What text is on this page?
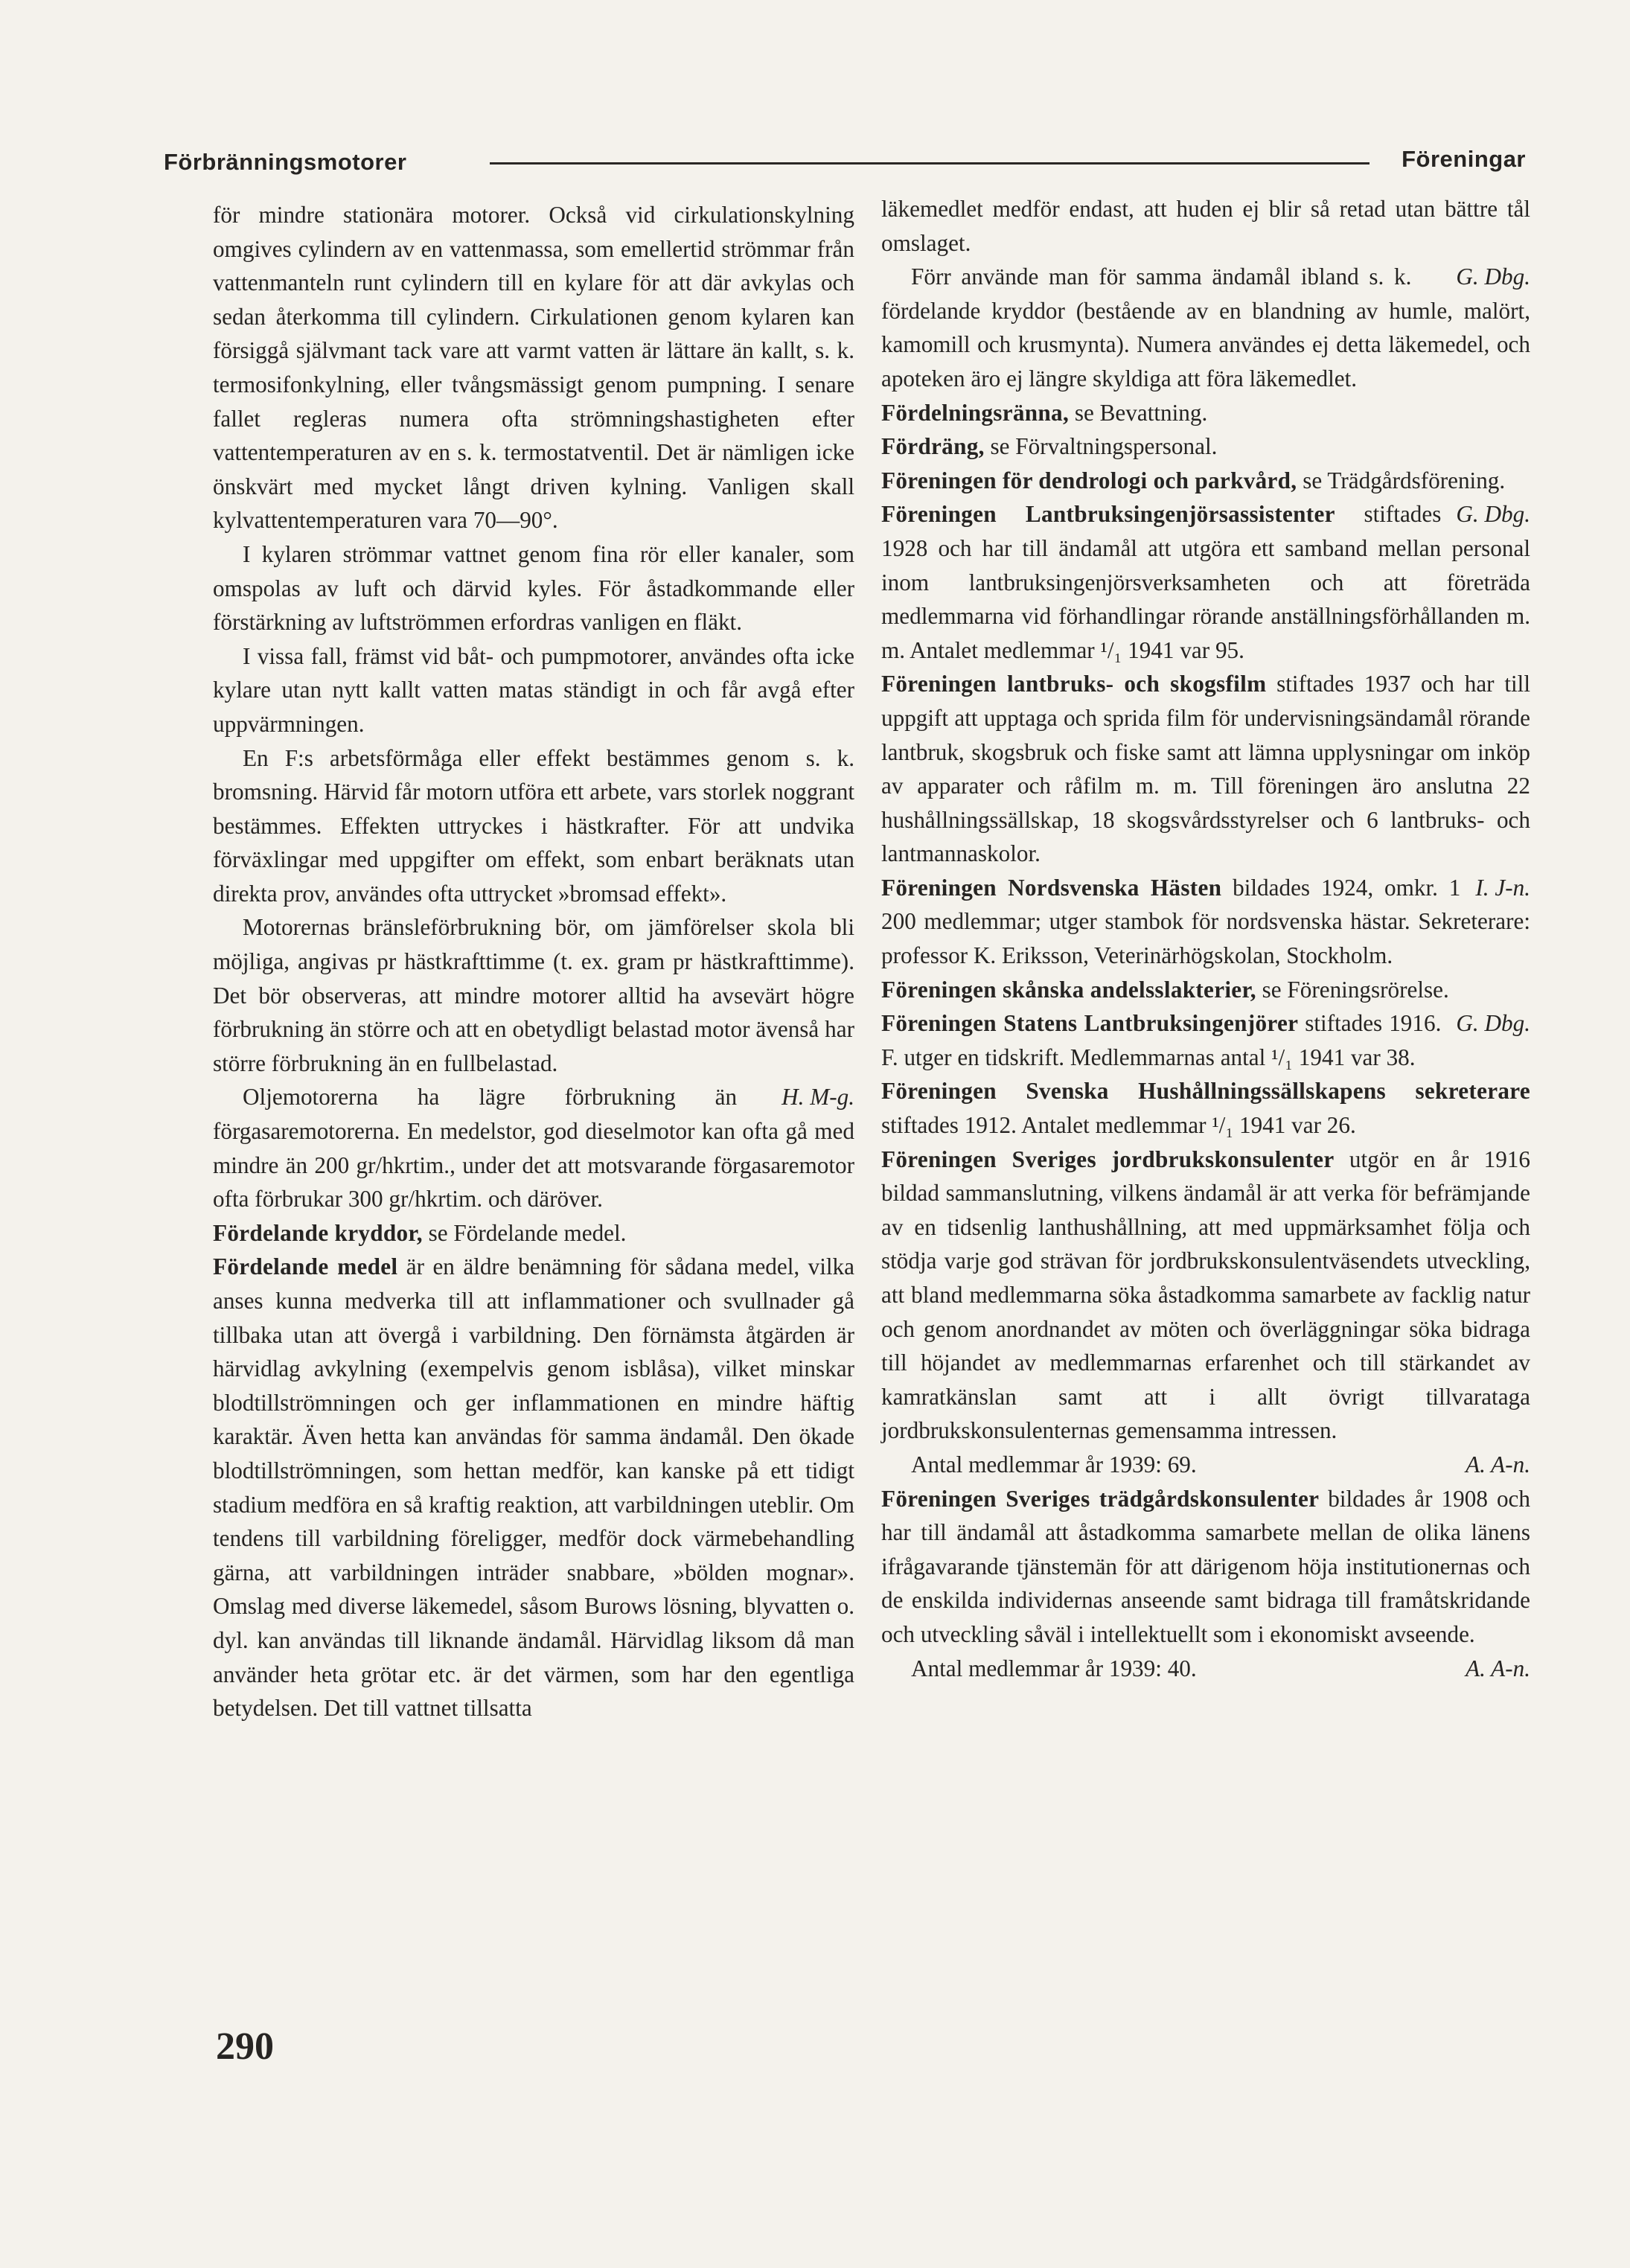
Förbränningsmotorer	Föreningar

för mindre stationära motorer. Också vid cirkulationskylning omgives cylindern av en vattenmassa, som emellertid strömmar från vattenmanteln runt cylindern till en kylare för att där avkylas och sedan återkomma till cylindern. Cirkulationen genom kylaren kan försiggå självmant tack vare att varmt vatten är lättare än kallt, s. k. termosifonkylning, eller tvångsmässigt genom pumpning. I senare fallet regleras numera ofta strömningshastigheten efter vattentemperaturen av en s. k. termostatventil. Det är nämligen icke önskvärt med mycket långt driven kylning. Vanligen skall kylvattentemperaturen vara 70—90°.

I kylaren strömmar vattnet genom fina rör eller kanaler, som omspolas av luft och därvid kyles. För åstadkommande eller förstärkning av luftströmmen erfordras vanligen en fläkt.

I vissa fall, främst vid båt- och pumpmotorer, användes ofta icke kylare utan nytt kallt vatten matas ständigt in och får avgå efter uppvärmningen.

En F:s arbetsförmåga eller effekt bestämmes genom s. k. bromsning. Härvid får motorn utföra ett arbete, vars storlek noggrant bestämmes. Effekten uttryckes i hästkrafter. För att undvika förväxlingar med uppgifter om effekt, som enbart beräknats utan direkta prov, användes ofta uttrycket »bromsad effekt».

Motorernas bränsleförbrukning bör, om jämförelser skola bli möjliga, angivas pr hästkrafttimme (t. ex. gram pr hästkrafttimme). Det bör observeras, att mindre motorer alltid ha avsevärt högre förbrukning än större och att en obetydligt belastad motor ävenså har större förbrukning än en fullbelastad.

H. M-g.
Oljemotorerna ha lägre förbrukning än förgasaremotorerna. En medelstor, god dieselmotor kan ofta gå med mindre än 200 gr/hkrtim., under det att motsvarande förgasaremotor ofta förbrukar 300 gr/hkrtim. och däröver.

Fördelande kryddor, se Fördelande medel.

Fördelande medel är en äldre benämning för sådana medel, vilka anses kunna medverka till att inflammationer och svullnader gå tillbaka utan att övergå i varbildning. Den förnämsta åtgärden är härvidlag avkylning (exempelvis genom isblåsa), vilket minskar blodtillströmningen och ger inflammationen en mindre häftig karaktär. Även hetta kan användas för samma ändamål. Den ökade blodtillströmningen, som hettan medför, kan kanske på ett tidigt stadium medföra en så kraftig reaktion, att varbildningen uteblir. Om tendens till varbildning föreligger, medför dock värmebehandling gärna, att varbildningen inträder snabbare, »bölden mognar». Omslag med diverse läkemedel, såsom Burows lösning, blyvatten o. dyl. kan användas till liknande ändamål. Härvidlag liksom då man använder heta grötar etc. är det värmen, som har den egentliga betydelsen. Det till vattnet tillsatta

läkemedlet medför endast, att huden ej blir så retad utan bättre tål omslaget.

G. Dbg.
Förr använde man för samma ändamål ibland s. k. fördelande kryddor (bestående av en blandning av humle, malört, kamomill och krusmynta). Numera användes ej detta läkemedel, och apoteken äro ej längre skyldiga att föra läkemedlet.

Fördelningsränna, se Bevattning.

Fördräng, se Förvaltningspersonal.

Föreningen för dendrologi och parkvård, se Trädgårdsförening.

G. Dbg.
Föreningen Lantbruksingenjörsassistenter stiftades 1928 och har till ändamål att utgöra ett samband mellan personal inom lantbruksingenjörsverksamheten och att företräda medlemmarna vid förhandlingar rörande anställningsförhållanden m. m. Antalet medlemmar ¹/₁ 1941 var 95.

Föreningen lantbruks- och skogsfilm stiftades 1937 och har till uppgift att upptaga och sprida film för undervisningsändamål rörande lantbruk, skogsbruk och fiske samt att lämna upplysningar om inköp av apparater och råfilm m. m. Till föreningen äro anslutna 22 hushållningssällskap, 18 skogsvårdsstyrelser och 6 lantbruks- och lantmannaskolor.

I. J-n.
Föreningen Nordsvenska Hästen bildades 1924, omkr. 1 200 medlemmar; utger stambok för nordsvenska hästar. Sekreterare: professor K. Eriksson, Veterinärhögskolan, Stockholm.

Föreningen skånska andelsslakterier, se Föreningsrörelse.

G. Dbg.
Föreningen Statens Lantbruksingenjörer stiftades 1916. F. utger en tidskrift. Medlemmarnas antal ¹/₁ 1941 var 38.

Föreningen Svenska Hushållningssällskapens sekreterare stiftades 1912. Antalet medlemmar ¹/₁ 1941 var 26.

Föreningen Sveriges jordbrukskonsulenter utgör en år 1916 bildad sammanslutning, vilkens ändamål är att verka för befrämjande av en tidsenlig lanthushållning, att med uppmärksamhet följa och stödja varje god strävan för jordbrukskonsulentväsendets utveckling, att bland medlemmarna söka åstadkomma samarbete av facklig natur och genom anordnandet av möten och överläggningar söka bidraga till höjandet av medlemmarnas erfarenhet och till stärkandet av kamratkänslan samt att i allt övrigt tillvarataga jordbrukskonsulenternas gemensamma intressen.

A. A-n.
Antal medlemmar år 1939: 69.

Föreningen Sveriges trädgårdskonsulenter bildades år 1908 och har till ändamål att åstadkomma samarbete mellan de olika länens ifrågavarande tjänstemän för att därigenom höja institutionernas och de enskilda individernas anseende samt bidraga till framåtskridande och utveckling såväl i intellektuellt som i ekonomiskt avseende.

A. A-n.
Antal medlemmar år 1939: 40.

290
